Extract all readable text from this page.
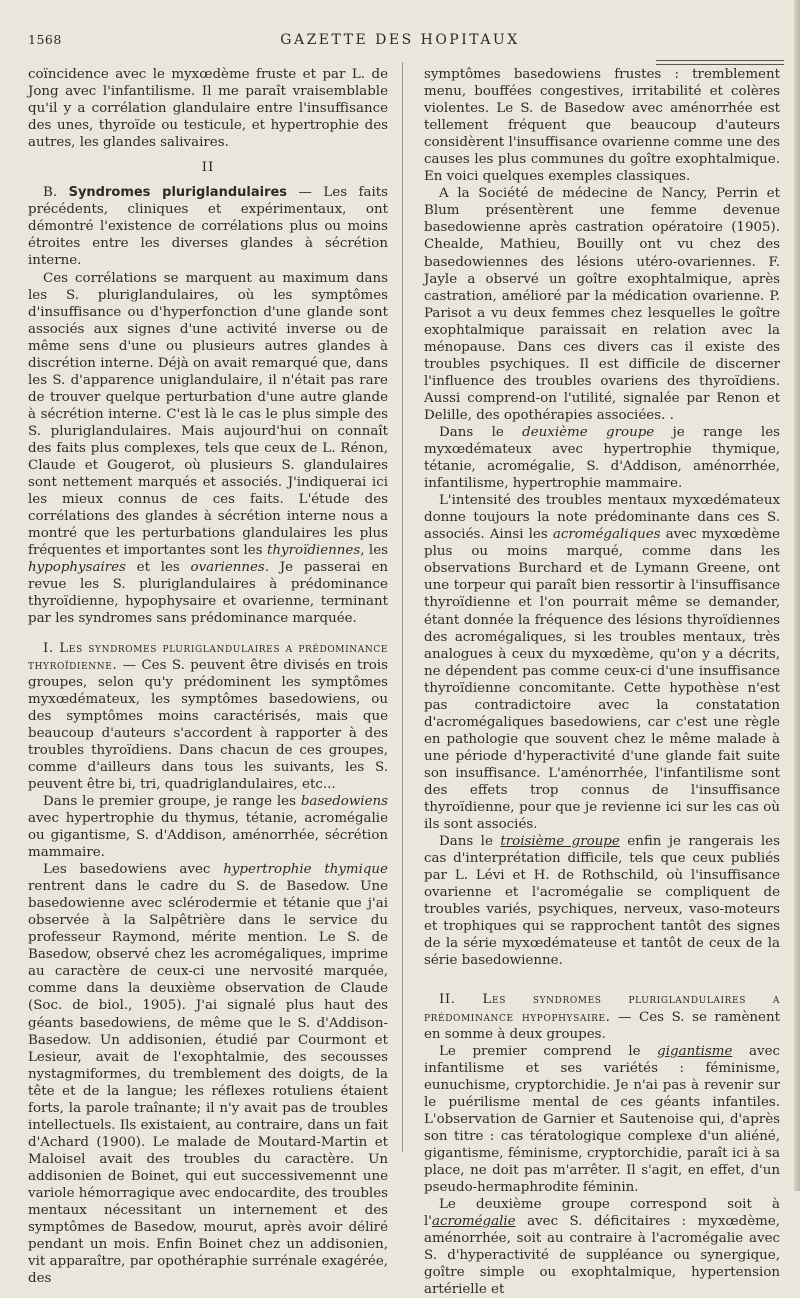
1568	GAZETTE DES HOPITAUX

coïncidence avec le myxœdème fruste et par L. de Jong avec l'infantilisme. Il me paraît vraisemblable qu'il y a corrélation glandulaire entre l'insuffisance des unes, thyroïde ou testicule, et hypertrophie des autres, les glandes salivaires.

II

B. Syndromes pluriglandulaires — Les faits précédents, cliniques et expérimentaux, ont démontré l'existence de corrélations plus ou moins étroites entre les diverses glandes à sécrétion interne.

Ces corrélations se marquent au maximum dans les S. pluriglandulaires, où les symptômes d'insuffisance ou d'hyperfonction d'une glande sont associés aux signes d'une activité inverse ou de même sens d'une ou plusieurs autres glandes à discrétion interne. Déjà on avait remarqué que, dans les S. d'apparence uniglandulaire, il n'était pas rare de trouver quelque perturbation d'une autre glande à sécrétion interne. C'est là le cas le plus simple des S. pluriglandulaires. Mais aujourd'hui on connaît des faits plus complexes, tels que ceux de L. Rénon, Claude et Gougerot, où plusieurs S. glandulaires sont nettement marqués et associés. J'indiquerai ici les mieux connus de ces faits. L'étude des corrélations des glandes à sécrétion interne nous a montré que les perturbations glandulaires les plus fréquentes et importantes sont les thyroïdiennes, les hypophysaires et les ovariennes. Je passerai en revue les S. pluriglandulaires à prédominance thyroïdienne, hypophysaire et ovarienne, terminant par les syndromes sans prédominance marquée.

I. Les syndromes pluriglandulaires a prédominance thyroïdienne. — Ces S. peuvent être divisés en trois groupes, selon qu'y prédominent les symptômes myxœdémateux, les symptômes basedowiens, ou des symptômes moins caractérisés, mais que beaucoup d'auteurs s'accordent à rapporter à des troubles thyroïdiens. Dans chacun de ces groupes, comme d'ailleurs dans tous les suivants, les S. peuvent être bi, tri, quadriglandulaires, etc...

Dans le premier groupe, je range les basedowiens avec hypertrophie du thymus, tétanie, acromégalie ou gigantisme, S. d'Addison, aménorrhée, sécrétion mammaire.

Les basedowiens avec hypertrophie thymique rentrent dans le cadre du S. de Basedow. Une basedowienne avec sclérodermie et tétanie que j'ai observée à la Salpêtrière dans le service du professeur Raymond, mérite mention. Le S. de Basedow, observé chez les acromégaliques, imprime au caractère de ceux-ci une nervosité marquée, comme dans la deuxième observation de Claude (Soc. de biol., 1905). J'ai signalé plus haut des géants basedowiens, de même que le S. d'Addison-Basedow. Un addisonien, étudié par Courmont et Lesieur, avait de l'exophtalmie, des secousses nystagmiformes, du tremblement des doigts, de la tête et de la langue; les réflexes rotuliens étaient forts, la parole traînante; il n'y avait pas de troubles intellectuels. Ils existaient, au contraire, dans un fait d'Achard (1900). Le malade de Moutard-Martin et Maloisel avait des troubles du caractère. Un addisonien de Boinet, qui eut successivemennt une variole hémorragique avec endocardite, des troubles mentaux nécessitant un internement et des symptômes de Basedow, mourut, après avoir déliré pendant un mois. Enfin Boinet chez un addisonien, vit apparaître, par opothéraphie surrénale exagérée, des

symptômes basedowiens frustes : tremblement menu, bouffées congestives, irritabilité et colères violentes. Le S. de Basedow avec aménorrhée est tellement fréquent que beaucoup d'auteurs considèrent l'insuffisance ovarienne comme une des causes les plus communes du goître exophtalmique. En voici quelques exemples classiques.

A la Société de médecine de Nancy, Perrin et Blum présentèrent une femme devenue basedowienne après castration opératoire (1905). Chealde, Mathieu, Bouilly ont vu chez des basedowiennes des lésions utéro-ovariennes. F. Jayle a observé un goître exophtalmique, après castration, amélioré par la médication ovarienne. P. Parisot a vu deux femmes chez lesquelles le goître exophtalmique paraissait en relation avec la ménopause. Dans ces divers cas il existe des troubles psychiques. Il est difficile de discerner l'influence des troubles ovariens des thyroïdiens. Aussi comprend-on l'utilité, signalée par Renon et Delille, des opothérapies associées. .

Dans le deuxième groupe je range les myxœdémateux avec hypertrophie thymique, tétanie, acromégalie, S. d'Addison, aménorrhée, infantilisme, hypertrophie mammaire.

L'intensité des troubles mentaux myxœdémateux donne toujours la note prédominante dans ces S. associés. Ainsi les acromégaliques avec myxœdème plus ou moins marqué, comme dans les observations Burchard et de Lymann Greene, ont une torpeur qui paraît bien ressortir à l'insuffisance thyroïdienne et l'on pourrait même se demander, étant donnée la fréquence des lésions thyroïdiennes des acromégaliques, si les troubles mentaux, très analogues à ceux du myxœdème, qu'on y a décrits, ne dépendent pas comme ceux-ci d'une insuffisance thyroïdienne concomitante. Cette hypothèse n'est pas contradictoire avec la constatation d'acromégaliques basedowiens, car c'est une règle en pathologie que souvent chez le même malade à une période d'hyperactivité d'une glande fait suite son insuffisance. L'aménorrhée, l'infantilisme sont des effets trop connus de l'insuffisance thyroïdienne, pour que je revienne ici sur les cas où ils sont associés.

Dans le troisième groupe enfin je rangerais les cas d'interprétation difficile, tels que ceux publiés par L. Lévi et H. de Rothschild, où l'insuffisance ovarienne et l'acromégalie se compliquent de troubles variés, psychiques, nerveux, vaso-moteurs et trophiques qui se rapprochent tantôt des signes de la série myxœdémateuse et tantôt de ceux de la série basedowienne.

II. Les syndromes pluriglandulaires a prédominance hypophysaire. — Ces S. se ramènent en somme à deux groupes.

Le premier comprend le gigantisme avec infantilisme et ses variétés : féminisme, eunuchisme, cryptorchidie. Je n'ai pas à revenir sur le puérilisme mental de ces géants infantiles. L'observation de Garnier et Sautenoise qui, d'après son titre : cas tératologique complexe d'un aliéné, gigantisme, féminisme, cryptorchidie, paraît ici à sa place, ne doit pas m'arrêter. Il s'agit, en effet, d'un pseudo-hermaphrodite féminin.

Le deuxième groupe correspond soit à l'acromégalie avec S. déficitaires : myxœdème, aménorrhée, soit au contraire à l'acromégalie avec S. d'hyperactivité de suppléance ou synergique, goître simple ou exophtalmique, hypertension artérielle et
